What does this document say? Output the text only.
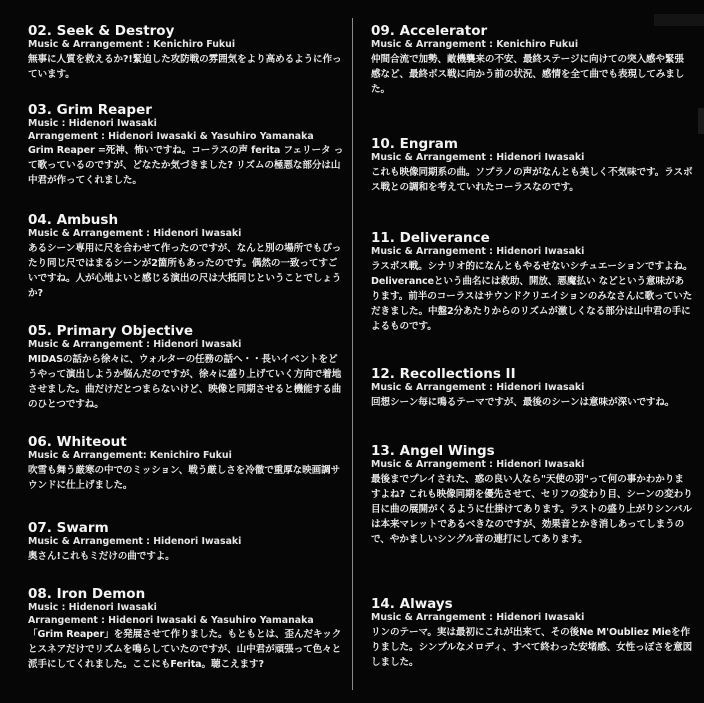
02. Seek & Destroy
Music & Arrangement : Kenichiro Fukui
無事に人質を救えるか?!緊迫した攻防戦の雰囲気をより高めるように作っています。
03. Grim Reaper
Music : Hidenori Iwasaki
Arrangement : Hidenori Iwasaki & Yasuhiro Yamanaka
Grim Reaper =死神、怖いですね。コーラスの声 ferita フェリータ って歌っているのですが、どなたか気づきました? リズムの極悪な部分は山中君が作ってくれました。
04. Ambush
Music & Arrangement : Hidenori Iwasaki
あるシーン専用に尺を合わせて作ったのですが、なんと別の場所でもぴったり同じ尺ではまるシーンが2箇所もあったのです。偶然の一致ってすごいですね。人が心地よいと感じる演出の尺は大抵同じということでしょうか?
05. Primary Objective
Music & Arrangement : Hidenori Iwasaki
MIDASの話から徐々に、ウォルターの任務の話へ・・長いイベントをどうやって演出しようか悩んだのですが、徐々に盛り上げていく方向で着地させました。曲だけだとつまらないけど、映像と同期させると機能する曲のひとつですね。
06. Whiteout
Music & Arrangement: Kenichiro Fukui
吹雪も舞う厳寒の中でのミッション、戦う厳しさを冷徹で重厚な映画調サウンドに仕上げました。
07. Swarm
Music & Arrangement : Hidenori Iwasaki
奥さん!これもミだけの曲ですよ。
08. Iron Demon
Music : Hidenori Iwasaki
Arrangement : Hidenori Iwasaki & Yasuhiro Yamanaka
「Grim Reaper」を発展させて作りました。もともとは、歪んだキックとスネアだけでリズムを鳴らしていたのですが、山中君が頑張って色々と派手にしてくれました。ここにもFerita。聴こえます?
09. Accelerator
Music & Arrangement : Kenichiro Fukui
仲間合流で加勢、敵機襲来の不安、最終ステージに向けての突入感や緊張感など、最終ボス戦に向かう前の状況、感情を全て曲でも表現してみました。
10. Engram
Music & Arrangement : Hidenori Iwasaki
これも映像同期系の曲。ソプラノの声がなんとも美しく不気味です。ラスボス戦との調和を考えていれたコーラスなのです。
11. Deliverance
Music & Arrangement : Hidenori Iwasaki
ラスボス戦。シナリオ的になんともやるせないシチュエーションですよね。Deliveranceという曲名には救助、開放、悪魔払い などという意味があります。前半のコーラスはサウンドクリエイションのみなさんに歌っていただきました。中盤2分あたりからのリズムが激しくなる部分は山中君の手によるものです。
12. Recollections II
Music & Arrangement : Hidenori Iwasaki
回想シーン毎に鳴るテーマですが、最後のシーンは意味が深いですね。
13. Angel Wings
Music & Arrangement : Hidenori Iwasaki
最後までプレイされた、惑の良い人なら"天使の羽"って何の事かわかりますよね? これも映像同期を優先させて、セリフの変わり目、シーンの変わり目に曲の展開がくるように仕掛けてあります。ラストの盛り上がりシンバルは本来マレットであるべきなのですが、効果音とかき消しあってしまうので、やかましいシングル音の連打にしてあります。
14. Always
Music & Arrangement : Hidenori Iwasaki
リンのテーマ。実は最初にこれが出来て、その後Ne M'Oubliez Mieを作りました。シンプルなメロディ、すべて終わった安堵感、女性っぽさを意図しました。
